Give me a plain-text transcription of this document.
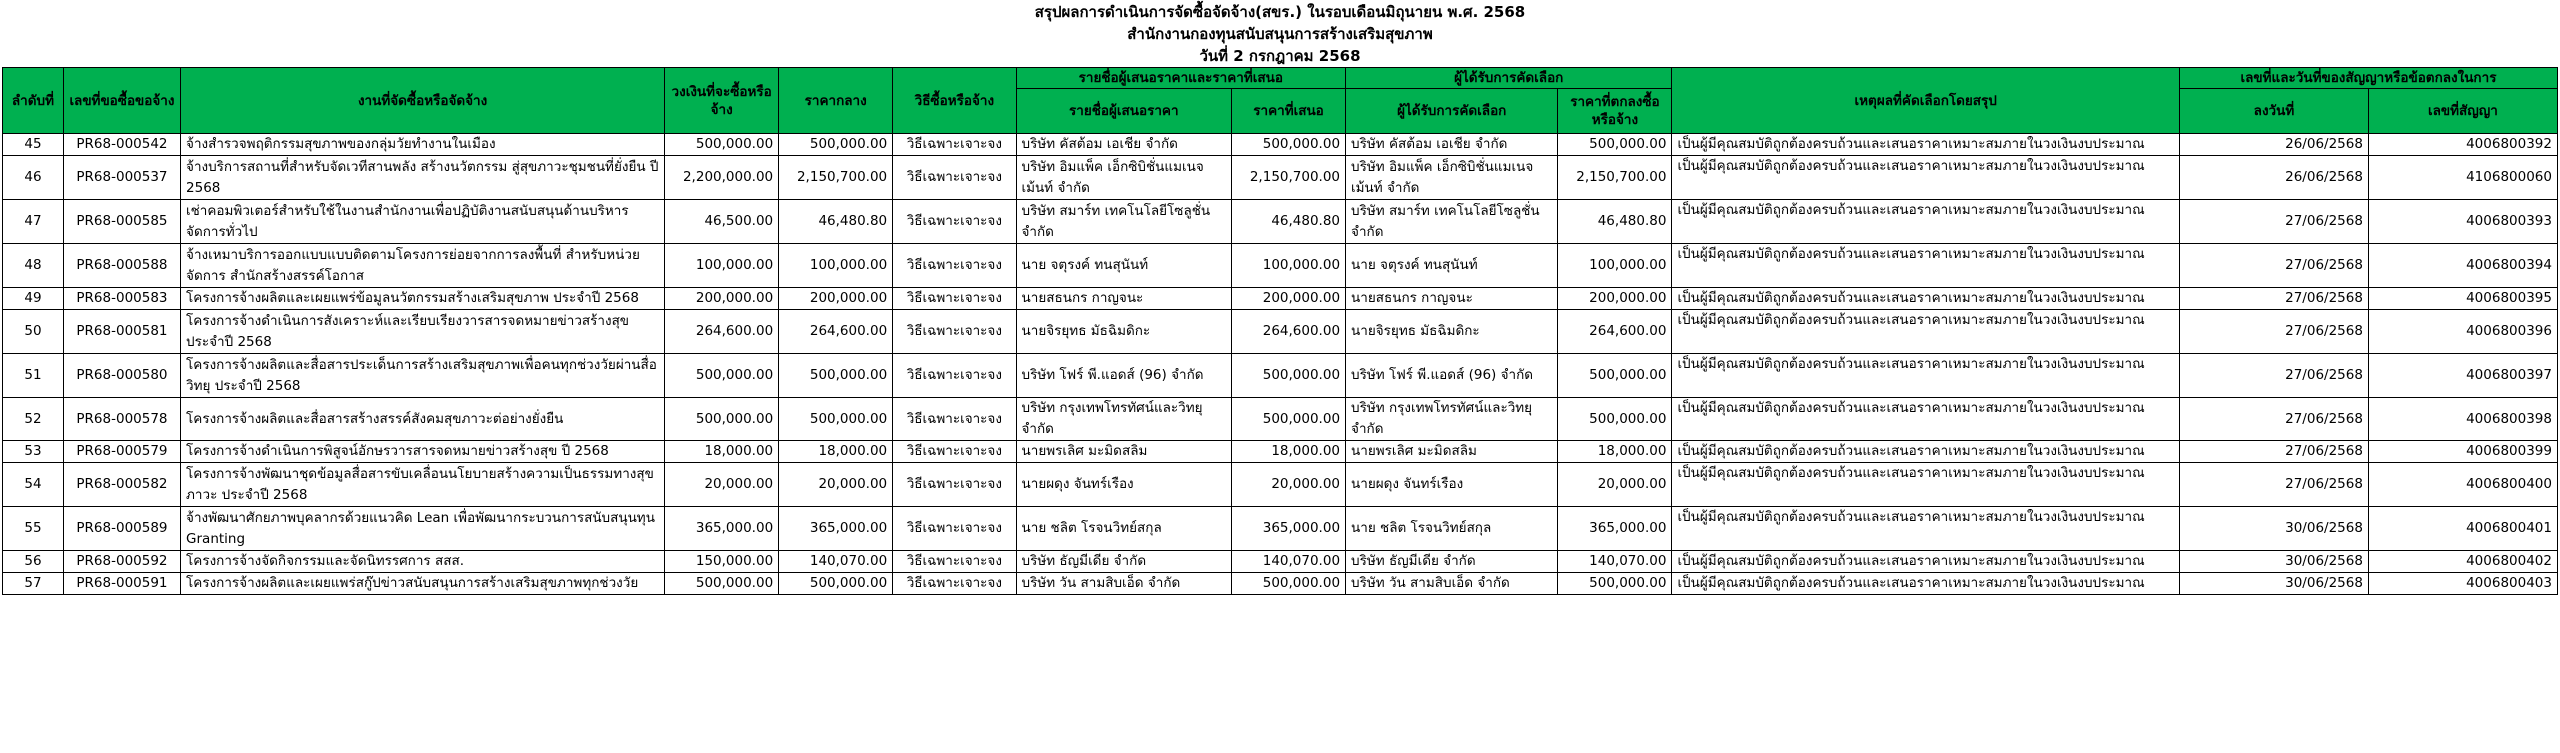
สรุปผลการดำเนินการจัดซื้อจัดจ้าง(สขร.) ในรอบเดือนมิถุนายน พ.ศ. 2568
สำนักงานกองทุนสนับสนุนการสร้างเสริมสุขภาพ
วันที่ 2 กรกฎาคม 2568
ลำดับที่	เลขที่ขอซื้อขอจ้าง	งานที่จัดซื้อหรือจัดจ้าง	วงเงินที่จะซื้อหรือจ้าง	ราคากลาง	วิธีซื้อหรือจ้าง	รายชื่อผู้เสนอราคาและราคาที่เสนอ		ผู้ได้รับการคัดเลือก		เหตุผลที่คัดเลือกโดยสรุป	เลขที่และวันที่ของสัญญาหรือข้อตกลงในการ	
						รายชื่อผู้เสนอราคา	ราคาที่เสนอ	ผู้ได้รับการคัดเลือก	ราคาที่ตกลงซื้อหรือจ้าง		ลงวันที่	เลขที่สัญญา
45	PR68-000542	จ้างสำรวจพฤติกรรมสุขภาพของกลุ่มวัยทำงานในเมือง	500,000.00	500,000.00	วิธีเฉพาะเจาะจง	บริษัท คัสต้อม เอเชีย จำกัด	500,000.00	บริษัท คัสต้อม เอเชีย จำกัด	500,000.00	เป็นผู้มีคุณสมบัติถูกต้องครบถ้วนและเสนอราคาเหมาะสมภายในวงเงินงบประมาณ	26/06/2568	4006800392
46	PR68-000537	จ้างบริการสถานที่สำหรับจัดเวทีสานพลัง สร้างนวัตกรรม สู่สุขภาวะชุมชนที่ยั่งยืน ปี 2568	2,200,000.00	2,150,700.00	วิธีเฉพาะเจาะจง	บริษัท อิมแพ็ค เอ็กซิบิชั่นแมเนจเม้นท์ จำกัด	2,150,700.00	บริษัท อิมแพ็ค เอ็กซิบิชั่นแมเนจเม้นท์ จำกัด	2,150,700.00	เป็นผู้มีคุณสมบัติถูกต้องครบถ้วนและเสนอราคาเหมาะสมภายในวงเงินงบประมาณ	26/06/2568	4106800060
47	PR68-000585	เช่าคอมพิวเตอร์สำหรับใช้ในงานสำนักงานเพื่อปฏิบัติงานสนับสนุนด้านบริหารจัดการทั่วไป	46,500.00	46,480.80	วิธีเฉพาะเจาะจง	บริษัท สมาร์ท เทคโนโลยีโซลูชั่น จำกัด	46,480.80	บริษัท สมาร์ท เทคโนโลยีโซลูชั่น จำกัด	46,480.80	เป็นผู้มีคุณสมบัติถูกต้องครบถ้วนและเสนอราคาเหมาะสมภายในวงเงินงบประมาณ	27/06/2568	4006800393
48	PR68-000588	จ้างเหมาบริการออกแบบแบบติดตามโครงการย่อยจากการลงพื้นที่ สำหรับหน่วยจัดการ สำนักสร้างสรรค์โอกาส	100,000.00	100,000.00	วิธีเฉพาะเจาะจง	นาย จตุรงค์ ทนสุนันท์	100,000.00	นาย จตุรงค์ ทนสุนันท์	100,000.00	เป็นผู้มีคุณสมบัติถูกต้องครบถ้วนและเสนอราคาเหมาะสมภายในวงเงินงบประมาณ	27/06/2568	4006800394
49	PR68-000583	โครงการจ้างผลิตและเผยแพร่ข้อมูลนวัตกรรมสร้างเสริมสุขภาพ ประจำปี 2568	200,000.00	200,000.00	วิธีเฉพาะเจาะจง	นายสธนกร กาญจนะ	200,000.00	นายสธนกร กาญจนะ	200,000.00	เป็นผู้มีคุณสมบัติถูกต้องครบถ้วนและเสนอราคาเหมาะสมภายในวงเงินงบประมาณ	27/06/2568	4006800395
50	PR68-000581	โครงการจ้างดำเนินการสังเคราะห์และเรียบเรียงวารสารจดหมายข่าวสร้างสุข ประจำปี 2568	264,600.00	264,600.00	วิธีเฉพาะเจาะจง	นายจิรยุทธ มัธฉิมดิกะ	264,600.00	นายจิรยุทธ มัธฉิมดิกะ	264,600.00	เป็นผู้มีคุณสมบัติถูกต้องครบถ้วนและเสนอราคาเหมาะสมภายในวงเงินงบประมาณ	27/06/2568	4006800396
51	PR68-000580	โครงการจ้างผลิตและสื่อสารประเด็นการสร้างเสริมสุขภาพเพื่อคนทุกช่วงวัยผ่านสื่อวิทยุ ประจำปี 2568	500,000.00	500,000.00	วิธีเฉพาะเจาะจง	บริษัท โฟร์ พี.แอดส์ (96) จำกัด	500,000.00	บริษัท โฟร์ พี.แอดส์ (96) จำกัด	500,000.00	เป็นผู้มีคุณสมบัติถูกต้องครบถ้วนและเสนอราคาเหมาะสมภายในวงเงินงบประมาณ	27/06/2568	4006800397
52	PR68-000578	โครงการจ้างผลิตและสื่อสารสร้างสรรค์สังคมสุขภาวะต่อย่างยั่งยืน	500,000.00	500,000.00	วิธีเฉพาะเจาะจง	บริษัท กรุงเทพโทรทัศน์และวิทยุ จำกัด	500,000.00	บริษัท กรุงเทพโทรทัศน์และวิทยุ จำกัด	500,000.00	เป็นผู้มีคุณสมบัติถูกต้องครบถ้วนและเสนอราคาเหมาะสมภายในวงเงินงบประมาณ	27/06/2568	4006800398
53	PR68-000579	โครงการจ้างดำเนินการพิสูจน์อักษรวารสารจดหมายข่าวสร้างสุข ปี 2568	18,000.00	18,000.00	วิธีเฉพาะเจาะจง	นายพรเลิศ มะมิดสลิม	18,000.00	นายพรเลิศ มะมิดสลิม	18,000.00	เป็นผู้มีคุณสมบัติถูกต้องครบถ้วนและเสนอราคาเหมาะสมภายในวงเงินงบประมาณ	27/06/2568	4006800399
54	PR68-000582	โครงการจ้างพัฒนาชุดข้อมูลสื่อสารขับเคลื่อนนโยบายสร้างความเป็นธรรมทางสุขภาวะ ประจำปี 2568	20,000.00	20,000.00	วิธีเฉพาะเจาะจง	นายผดุง จันทร์เรือง	20,000.00	นายผดุง จันทร์เรือง	20,000.00	เป็นผู้มีคุณสมบัติถูกต้องครบถ้วนและเสนอราคาเหมาะสมภายในวงเงินงบประมาณ	27/06/2568	4006800400
55	PR68-000589	จ้างพัฒนาศักยภาพบุคลากรด้วยแนวคิด Lean เพื่อพัฒนากระบวนการสนับสนุนทุน Granting	365,000.00	365,000.00	วิธีเฉพาะเจาะจง	นาย ชลิต โรจนวิทย์สกุล	365,000.00	นาย ชลิต โรจนวิทย์สกุล	365,000.00	เป็นผู้มีคุณสมบัติถูกต้องครบถ้วนและเสนอราคาเหมาะสมภายในวงเงินงบประมาณ	30/06/2568	4006800401
56	PR68-000592	โครงการจ้างจัดกิจกรรมและจัดนิทรรศการ สสส.	150,000.00	140,070.00	วิธีเฉพาะเจาะจง	บริษัท ธัญมีเดีย จำกัด	140,070.00	บริษัท ธัญมีเดีย จำกัด	140,070.00	เป็นผู้มีคุณสมบัติถูกต้องครบถ้วนและเสนอราคาเหมาะสมภายในวงเงินงบประมาณ	30/06/2568	4006800402
57	PR68-000591	โครงการจ้างผลิตและเผยแพร่สกู๊ปข่าวสนับสนุนการสร้างเสริมสุขภาพทุกช่วงวัย	500,000.00	500,000.00	วิธีเฉพาะเจาะจง	บริษัท วัน สามสิบเอ็ด จำกัด	500,000.00	บริษัท วัน สามสิบเอ็ด จำกัด	500,000.00	เป็นผู้มีคุณสมบัติถูกต้องครบถ้วนและเสนอราคาเหมาะสมภายในวงเงินงบประมาณ	30/06/2568	4006800403
